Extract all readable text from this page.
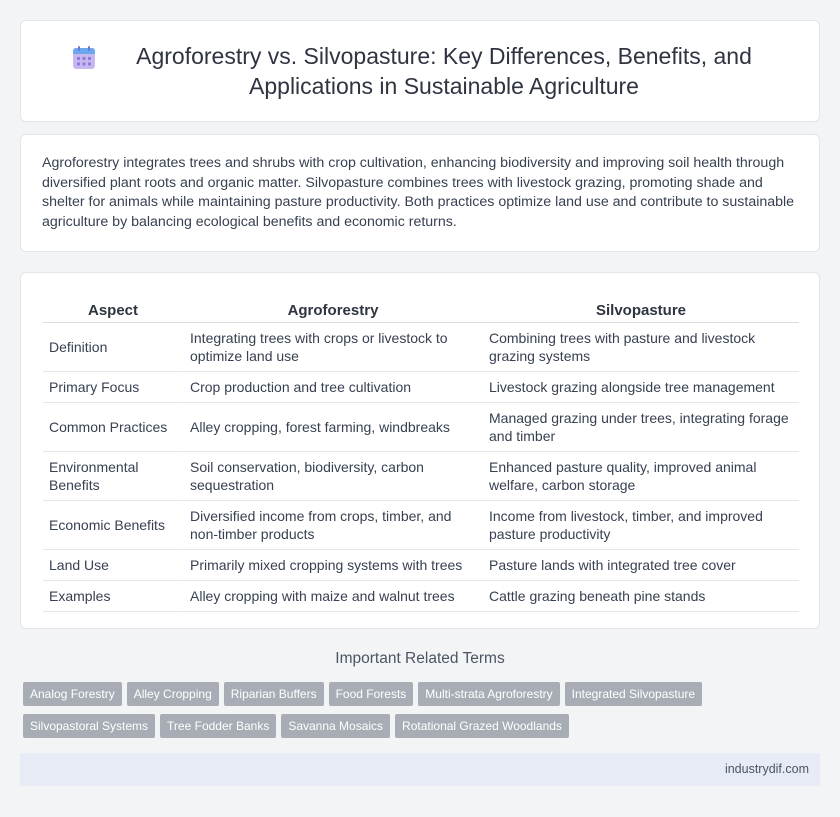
Agroforestry vs. Silvopasture: Key Differences, Benefits, and Applications in Sustainable Agriculture

Agroforestry integrates trees and shrubs with crop cultivation, enhancing biodiversity and improving soil health through diversified plant roots and organic matter. Silvopasture combines trees with livestock grazing, promoting shade and shelter for animals while maintaining pasture productivity. Both practices optimize land use and contribute to sustainable agriculture by balancing ecological benefits and economic returns.

Aspect	Agroforestry	Silvopasture
Definition	Integrating trees with crops or livestock to optimize land use	Combining trees with pasture and livestock grazing systems
Primary Focus	Crop production and tree cultivation	Livestock grazing alongside tree management
Common Practices	Alley cropping, forest farming, windbreaks	Managed grazing under trees, integrating forage and timber
Environmental Benefits	Soil conservation, biodiversity, carbon sequestration	Enhanced pasture quality, improved animal welfare, carbon storage
Economic Benefits	Diversified income from crops, timber, and non-timber products	Income from livestock, timber, and improved pasture productivity
Land Use	Primarily mixed cropping systems with trees	Pasture lands with integrated tree cover
Examples	Alley cropping with maize and walnut trees	Cattle grazing beneath pine stands
Important Related Terms
Analog Forestry Alley Cropping Riparian Buffers Food Forests Multi-strata Agroforestry Integrated SilvopastureSilvopastoral Systems Tree Fodder Banks Savanna Mosaics Rotational Grazed Woodlands
industrydif.com
